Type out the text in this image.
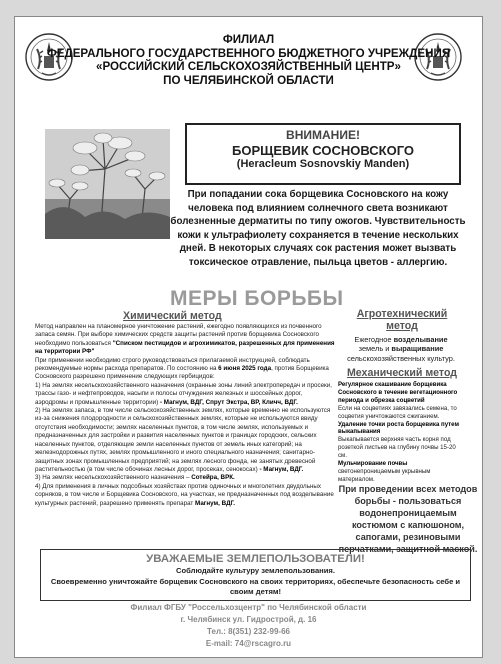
ФИЛИАЛ
ФЕДЕРАЛЬНОГО ГОСУДАРСТВЕННОГО БЮДЖЕТНОГО УЧРЕЖДЕНИЯ
«РОССИЙСКИЙ СЕЛЬСКОХОЗЯЙСТВЕННЫЙ ЦЕНТР»
ПО ЧЕЛЯБИНСКОЙ ОБЛАСТИ
ВНИМАНИЕ!
БОРЩЕВИК СОСНОВСКОГО
(Heracleum Sosnovskiy Manden)
При попадании сока борщевика Сосновского на кожу человека под влиянием солнечного света возникают болезненные дерматиты по типу ожогов. Чувствительность кожи к ультрафиолету сохраняется в течение нескольких дней. В некоторых случаях сок растения может вызвать токсическое отравление, пыльца цветов - аллергию.
МЕРЫ БОРЬБЫ
Химический метод
Метод направлен на планомерное уничтожение растений, ежегодно появляющихся из почвенного запаса семян. При выборе химических средств защиты растений против борщевика Сосновского необходимо пользоваться "Списком пестицидов и агрохимикатов, разрешенных для применения на территории РФ"
При применении необходимо строго руководствоваться прилагаемой инструкцией, соблюдать рекомендуемые нормы расхода препаратов. По состоянию на 6 июня 2025 года, против Борщевика Сосновского разрешено применение следующих гербицидов:
1) На землях несельскохозяйственного назначения (охранные зоны линий электропередач и просеки, трассы газо- и нефтепроводов, насыпи и полосы отчуждения железных и шоссейных дорог, аэродромы и промышленные территории) - Магнум, ВДГ, Спрут Экстра, ВР, Кличч, ВДГ.
2) На землях запаса, в том числе сельскохозяйственных землях, которые временно не используются из-за снижения плодородности и сельскохозяйственных землях, которые не используются ввиду отсутствия необходимости; землях населенных пунктов, в том числе землях, используемых и предназначенных для застройки и развития населенных пунктов и границах городских, сельских населенных пунктов, отделяющие земли населенных пунктов от земель иных категорий; на железнодорожных путях, землях промышленного и иного специального назначения; санитарно-защитных зонах промышленных предприятий; на землях лесного фонда, не занятых древесной растительностью (в том числе обочинах лесных дорог, просеках, сенокосах) - Магнум, ВДГ.
3) На землях несельскохозяйственного назначения – Сотейра, ВРК.
4) Для применения в личных подсобных хозяйствах против одиночных и многолетних двудольных сорняков, в том числе и Борщевика Сосновского, на участках, не предназначенных под возделывание культурных растений, разрешено применять препарат Магнум, ВДГ.
Агротехнический метод
Ежегодное возделывание
земель и выращивание
сельскохозяйственных культур.
Механический метод
Регулярное скашивание борщевика Сосновского в течение вегетационного периода и обрезка соцветий
Если на соцветиях завязались семена, то соцветия уничтожаются сжиганием.
Удаление точки роста борщевика путем выкапывания
Выкапывается верхняя часть корня под розеткой листьев на глубину почвы 15-20 см.
Мульчирование почвы светонепроницаемым укрывным материалом.
При проведении всех методов борьбы - пользоваться водонепроницаемым костюмом с капюшоном, сапогами, резиновыми перчатками, защитной маской.
УВАЖАЕМЫЕ ЗЕМЛЕПОЛЬЗОВАТЕЛИ!
Соблюдайте культуру землепользования.
Своевременно уничтожайте борщевик Сосновского на своих территориях, обеспечьте безопасность себе и своим детям!
Филиал ФГБУ "Россельхозцентр" по Челябинской области
г. Челябинск ул. Гидрострой, д. 16
Тел.: 8(351) 232-99-66
E-mail: 74@rscagro.ru
